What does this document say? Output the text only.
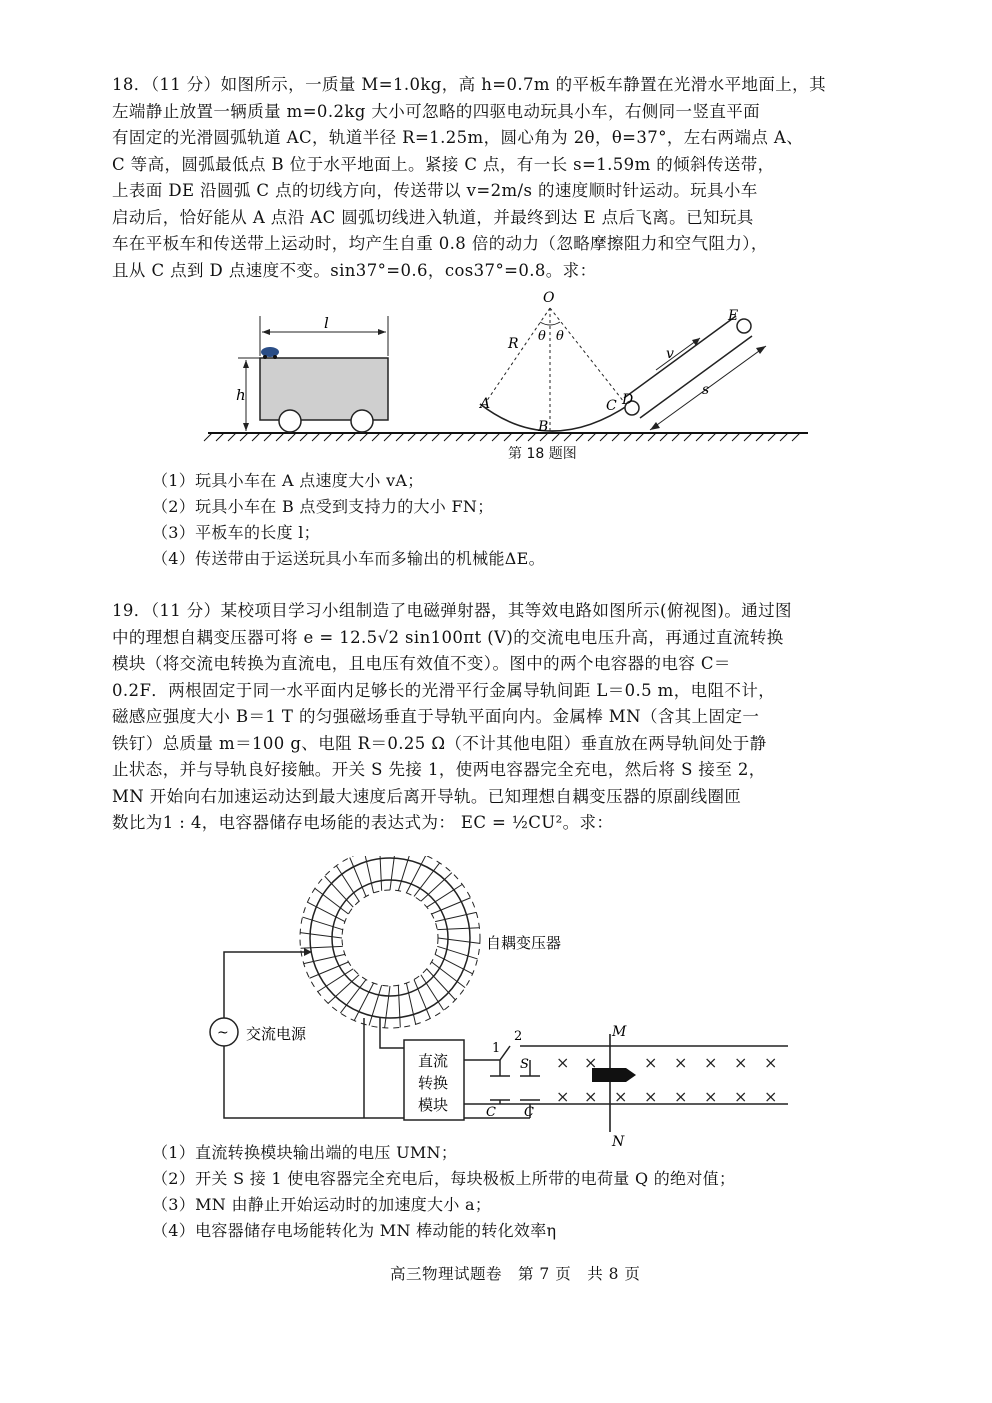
18．（11 分）如图所示，一质量 M=1.0kg，高 h=0.7m 的平板车静置在光滑水平地面上，其
左端静止放置一辆质量 m=0.2kg 大小可忽略的四驱电动玩具小车，右侧同一竖直平面
有固定的光滑圆弧轨道 AC，轨道半径 R=1.25m，圆心角为 2θ，θ=37°，左右两端点 A、
C 等高，圆弧最低点 B 位于水平地面上。紧接 C 点，有一长 s=1.59m 的倾斜传送带，
上表面 DE 沿圆弧 C 点的切线方向，传送带以 v=2m/s 的速度顺时针运动。玩具小车
启动后，恰好能从 A 点沿 AC 圆弧切线进入轨道，并最终到达 E 点后飞离。已知玩具
车在平板车和传送带上运动时，均产生自重 0.8 倍的动力（忽略摩擦阻力和空气阻力），
且从 C 点到 D 点速度不变。sin37°=0.6，cos37°=0.8。求：
l
h
O
R θ θ
A
B
C D
E
v
s
第 18 题图
（1）玩具小车在 A 点速度大小 vA；
（2）玩具小车在 B 点受到支持力的大小 FN；
（3）平板车的长度 l；
（4）传送带由于运送玩具小车而多输出的机械能ΔE。
19．（11 分）某校项目学习小组制造了电磁弹射器，其等效电路如图所示(俯视图)。通过图
中的理想自耦变压器可将 e = 12.5√2 sin100πt (V)的交流电电压升高，再通过直流转换
模块（将交流电转换为直流电，且电压有效值不变）。图中的两个电容器的电容 C＝
0.2F．两根固定于同一水平面内足够长的光滑平行金属导轨间距 L＝0.5 m，电阻不计，
磁感应强度大小 B＝1 T 的匀强磁场垂直于导轨平面向内。金属棒 MN（含其上固定一
铁钉）总质量 m＝100 g、电阻 R＝0.25 Ω（不计其他电阻）垂直放在两导轨间处于静
止状态，并与导轨良好接触。开关 S 先接 1，使两电容器完全充电，然后将 S 接至 2，
MN 开始向右加速运动达到最大速度后离开导轨。已知理想自耦变压器的原副线圈匝
数比为1 : 4，电容器储存电场能的表达式为： EC = ½CU²。求：
自耦变压器
~ 交流电源
直流
转换
模块
1
2
S
C C
M
N
× ×	× × × × ×
× × × × × × × ×
（1）直流转换模块输出端的电压 UMN；
（2）开关 S 接 1 使电容器完全充电后，每块极板上所带的电荷量 Q 的绝对值；
（3）MN 由静止开始运动时的加速度大小 a；
（4）电容器储存电场能转化为 MN 棒动能的转化效率η
高三物理试题卷　第 7 页　共 8 页
